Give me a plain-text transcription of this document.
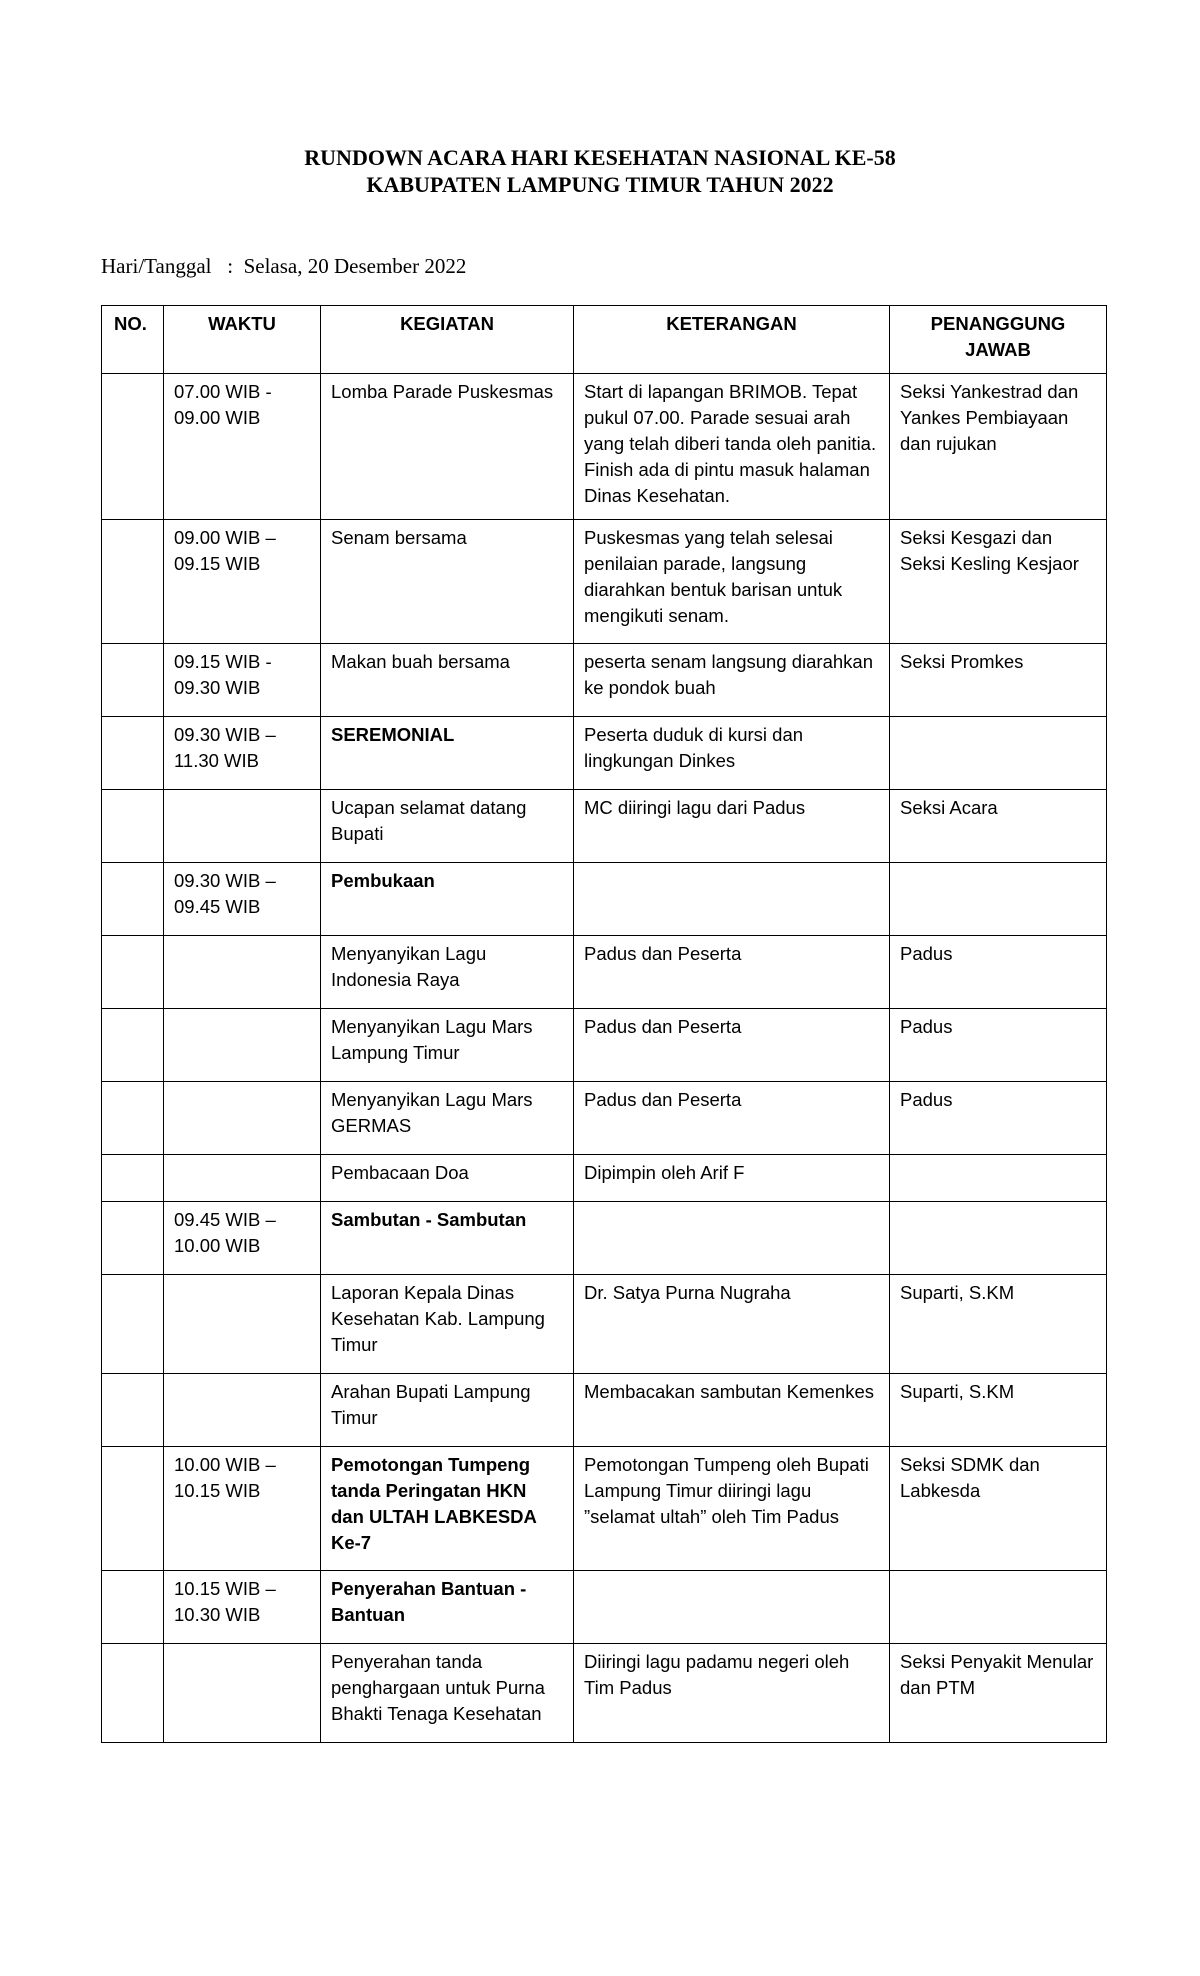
RUNDOWN ACARA HARI KESEHATAN NASIONAL KE-58
KABUPATEN LAMPUNG TIMUR TAHUN 2022
Hari/Tanggal : Selasa, 20 Desember 2022
NO.	WAKTU	KEGIATAN	KETERANGAN	PENANGGUNG JAWAB
	07.00 WIB - 09.00 WIB	Lomba Parade Puskesmas	Start di lapangan BRIMOB. Tepat pukul 07.00. Parade sesuai arah yang telah diberi tanda oleh panitia. Finish ada di pintu masuk halaman Dinas Kesehatan.	Seksi Yankestrad dan Yankes Pembiayaan dan rujukan
	09.00 WIB – 09.15 WIB	Senam bersama	Puskesmas yang telah selesai penilaian parade, langsung diarahkan bentuk barisan untuk mengikuti senam.	Seksi Kesgazi dan Seksi Kesling Kesjaor
	09.15 WIB - 09.30 WIB	Makan buah bersama	peserta senam langsung diarahkan ke pondok buah	Seksi Promkes
	09.30 WIB – 11.30 WIB	SEREMONIAL	Peserta duduk di kursi dan lingkungan Dinkes	
		Ucapan selamat datang Bupati	MC diiringi lagu dari Padus	Seksi Acara
	09.30 WIB – 09.45 WIB	Pembukaan		
		Menyanyikan Lagu Indonesia Raya	Padus dan Peserta	Padus
		Menyanyikan Lagu Mars Lampung Timur	Padus dan Peserta	Padus
		Menyanyikan Lagu Mars GERMAS	Padus dan Peserta	Padus
		Pembacaan Doa	Dipimpin oleh Arif F	
	09.45 WIB – 10.00 WIB	Sambutan - Sambutan		
		Laporan Kepala Dinas Kesehatan Kab. Lampung Timur	Dr. Satya Purna Nugraha	Suparti, S.KM
		Arahan Bupati Lampung Timur	Membacakan sambutan Kemenkes	Suparti, S.KM
	10.00 WIB – 10.15 WIB	Pemotongan Tumpeng tanda Peringatan HKN dan ULTAH LABKESDA Ke-7	Pemotongan Tumpeng oleh Bupati Lampung Timur diiringi lagu ”selamat ultah” oleh Tim Padus	Seksi SDMK dan Labkesda
	10.15 WIB – 10.30 WIB	Penyerahan Bantuan - Bantuan		
		Penyerahan tanda penghargaan untuk Purna Bhakti Tenaga Kesehatan	Diiringi lagu padamu negeri oleh Tim Padus	Seksi Penyakit Menular dan PTM
